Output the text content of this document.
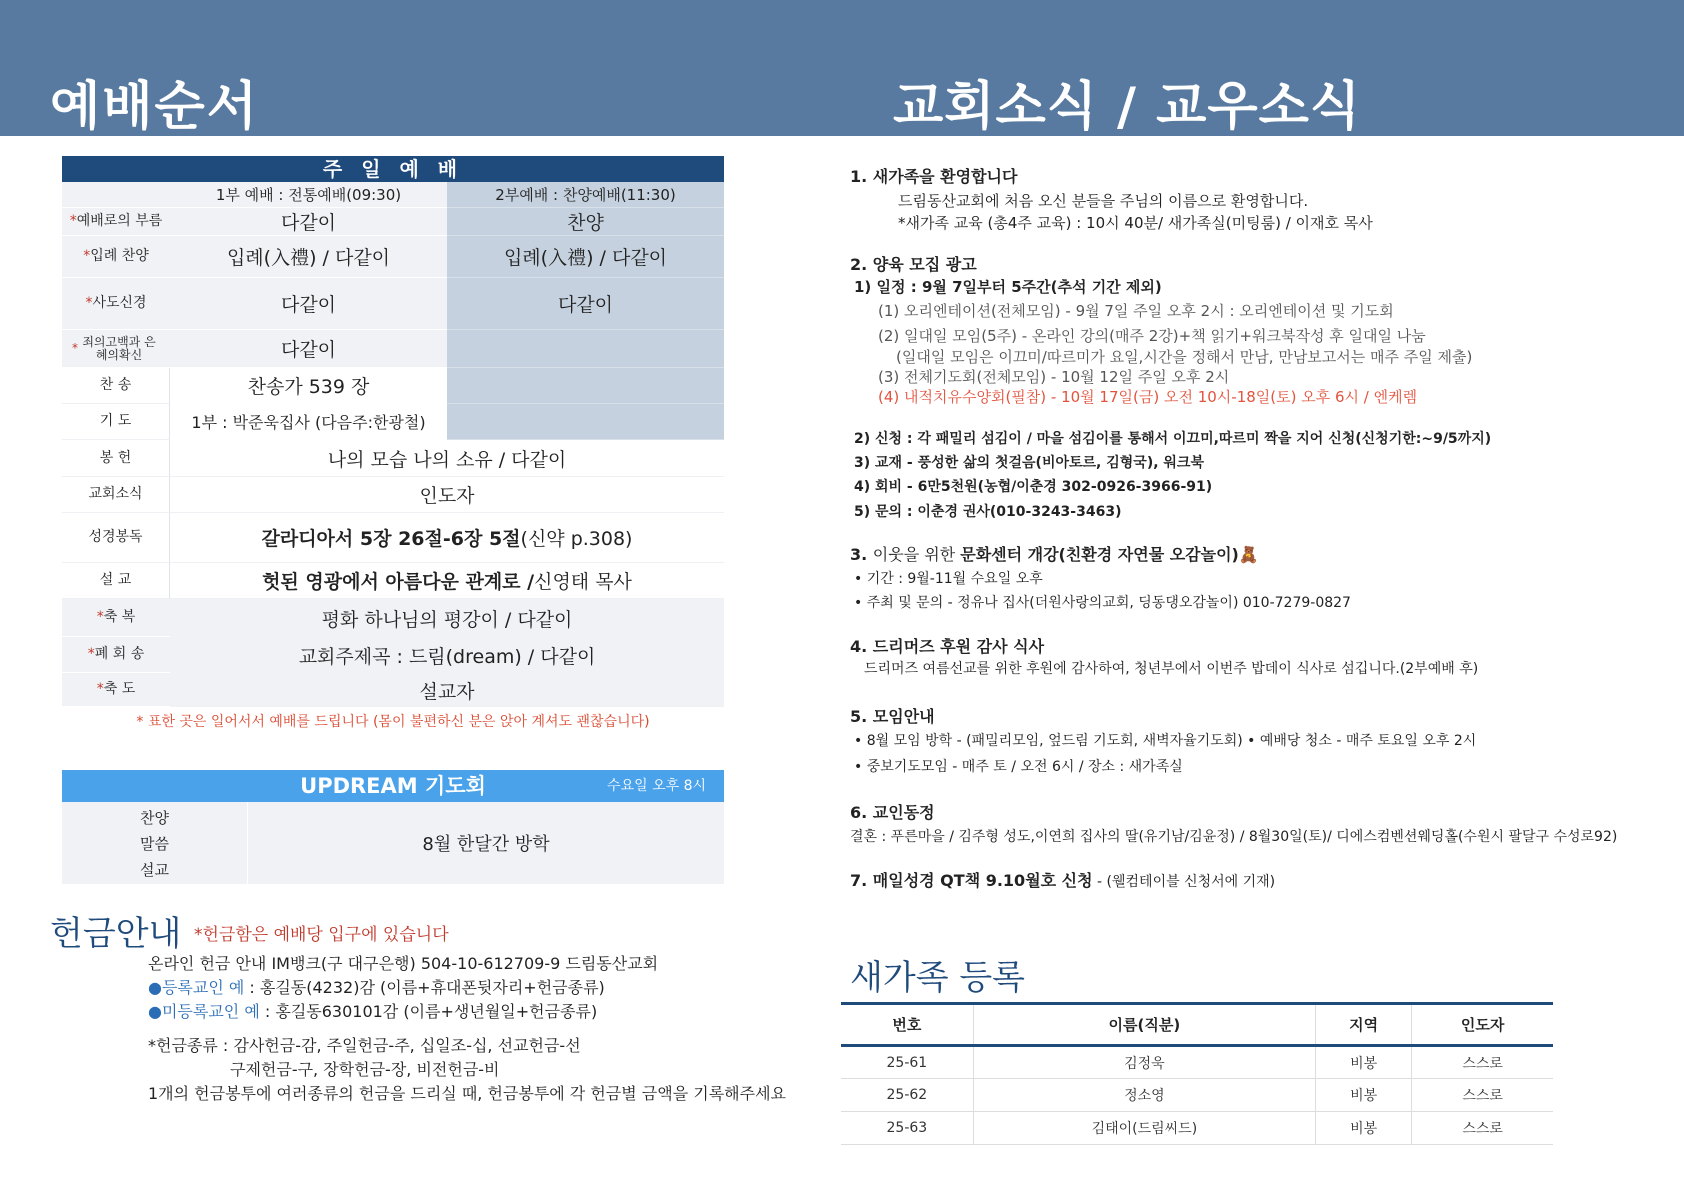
예배순서	교회소식 / 교우소식
주 일 예 배
1부 예배 : 전통예배(09:30)	2부예배 : 찬양예배(11:30)
* 예배로의 부름	다같이	찬양
* 입례 찬양	입례(入禮) / 다같이	입례(入禮) / 다같이
* 사도신경	다같이	다같이
* 죄의고백과 은혜의확신	다같이
찬 송	찬송가 539 장
기 도	1부 : 박준욱집사 (다음주:한광철)
봉 헌	나의 모습 나의 소유 / 다같이
교회소식	인도자
성경봉독	갈라디아서 5장 26절-6장 5절 (신약 p.308)
설 교	헛된 영광에서 아름다운 관계로 / 신영태 목사
* 축 복	평화 하나님의 평강이 / 다같이
* 폐 회 송	교회주제곡 : 드림(dream) / 다같이
* 축 도	설교자
* 표한 곳은 일어서서 예배를 드립니다 (몸이 불편하신 분은 앉아 계셔도 괜찮습니다)
UPDREAM 기도회	수요일 오후 8시
찬양
말씀
설교
8월 한달간 방학
헌금안내 *헌금함은 예배당 입구에 있습니다
온라인 헌금 안내 IM뱅크(구 대구은행) 504-10-612709-9 드림동산교회
●등록교인 예 : 홍길동(4232)감 (이름+휴대폰뒷자리+헌금종류)
●미등록교인 예 : 홍길동630101감 (이름+생년월일+헌금종류)
*헌금종류 : 감사헌금-감, 주일헌금-주, 십일조-십, 선교헌금-선
구제헌금-구, 장학헌금-장, 비전헌금-비
1개의 헌금봉투에 여러종류의 헌금을 드리실 때, 헌금봉투에 각 헌금별 금액을 기록해주세요
1. 새가족을 환영합니다
드림동산교회에 처음 오신 분들을 주님의 이름으로 환영합니다.
*새가족 교육 (총4주 교육) : 10시 40분/ 새가족실(미팅룸) / 이재호 목사
2. 양육 모집 광고
1) 일정 : 9월 7일부터 5주간(추석 기간 제외)
(1) 오리엔테이션(전체모임) - 9월 7일 주일 오후 2시 : 오리엔테이션 및 기도회
(2) 일대일 모임(5주) - 온라인 강의(매주 2강)+책 읽기+워크북작성 후 일대일 나눔
(일대일 모임은 이끄미/따르미가 요일,시간을 정해서 만남, 만남보고서는 매주 주일 제출)
(3) 전체기도회(전체모임) - 10월 12일 주일 오후 2시
(4) 내적치유수양회(필참) - 10월 17일(금) 오전 10시-18일(토) 오후 6시 / 엔케렘
2) 신청 : 각 패밀리 섬김이 / 마을 섬김이를 통해서 이끄미,따르미 짝을 지어 신청(신청기한:~9/5까지)
3) 교재 - 풍성한 삶의 첫걸음(비아토르, 김형국), 워크북
4) 회비 - 6만5천원(농협/이춘경 302-0926-3966-91)
5) 문의 : 이춘경 권사(010-3243-3463)
3. 이웃을 위한 문화센터 개강(친환경 자연물 오감놀이)🧸
• 기간 : 9월-11월 수요일 오후
• 주최 및 문의 - 정유나 집사(더원사랑의교회, 딩동댕오감놀이) 010-7279-0827
4. 드리머즈 후원 감사 식사
드리머즈 여름선교를 위한 후원에 감사하여, 청년부에서 이번주 밥데이 식사로 섬깁니다.(2부예배 후)
5. 모임안내
• 8월 모임 방학 - (패밀리모임, 엎드림 기도회, 새벽자율기도회) • 예배당 청소 - 매주 토요일 오후 2시
• 중보기도모임 - 매주 토 / 오전 6시 / 장소 : 새가족실
6. 교인동정
결혼 : 푸른마을 / 김주형 성도,이연희 집사의 딸(유기남/김윤정) / 8월30일(토)/ 디에스컴벤션웨딩홀(수원시 팔달구 수성로92)
7. 매일성경 QT책 9.10월호 신청 - (웰컴테이블 신청서에 기재)
새가족 등록
번호	이름(직분)	지역	인도자
25-61	김정욱	비봉	스스로
25-62	정소영	비봉	스스로
25-63	김태이(드림씨드)	비봉	스스로
